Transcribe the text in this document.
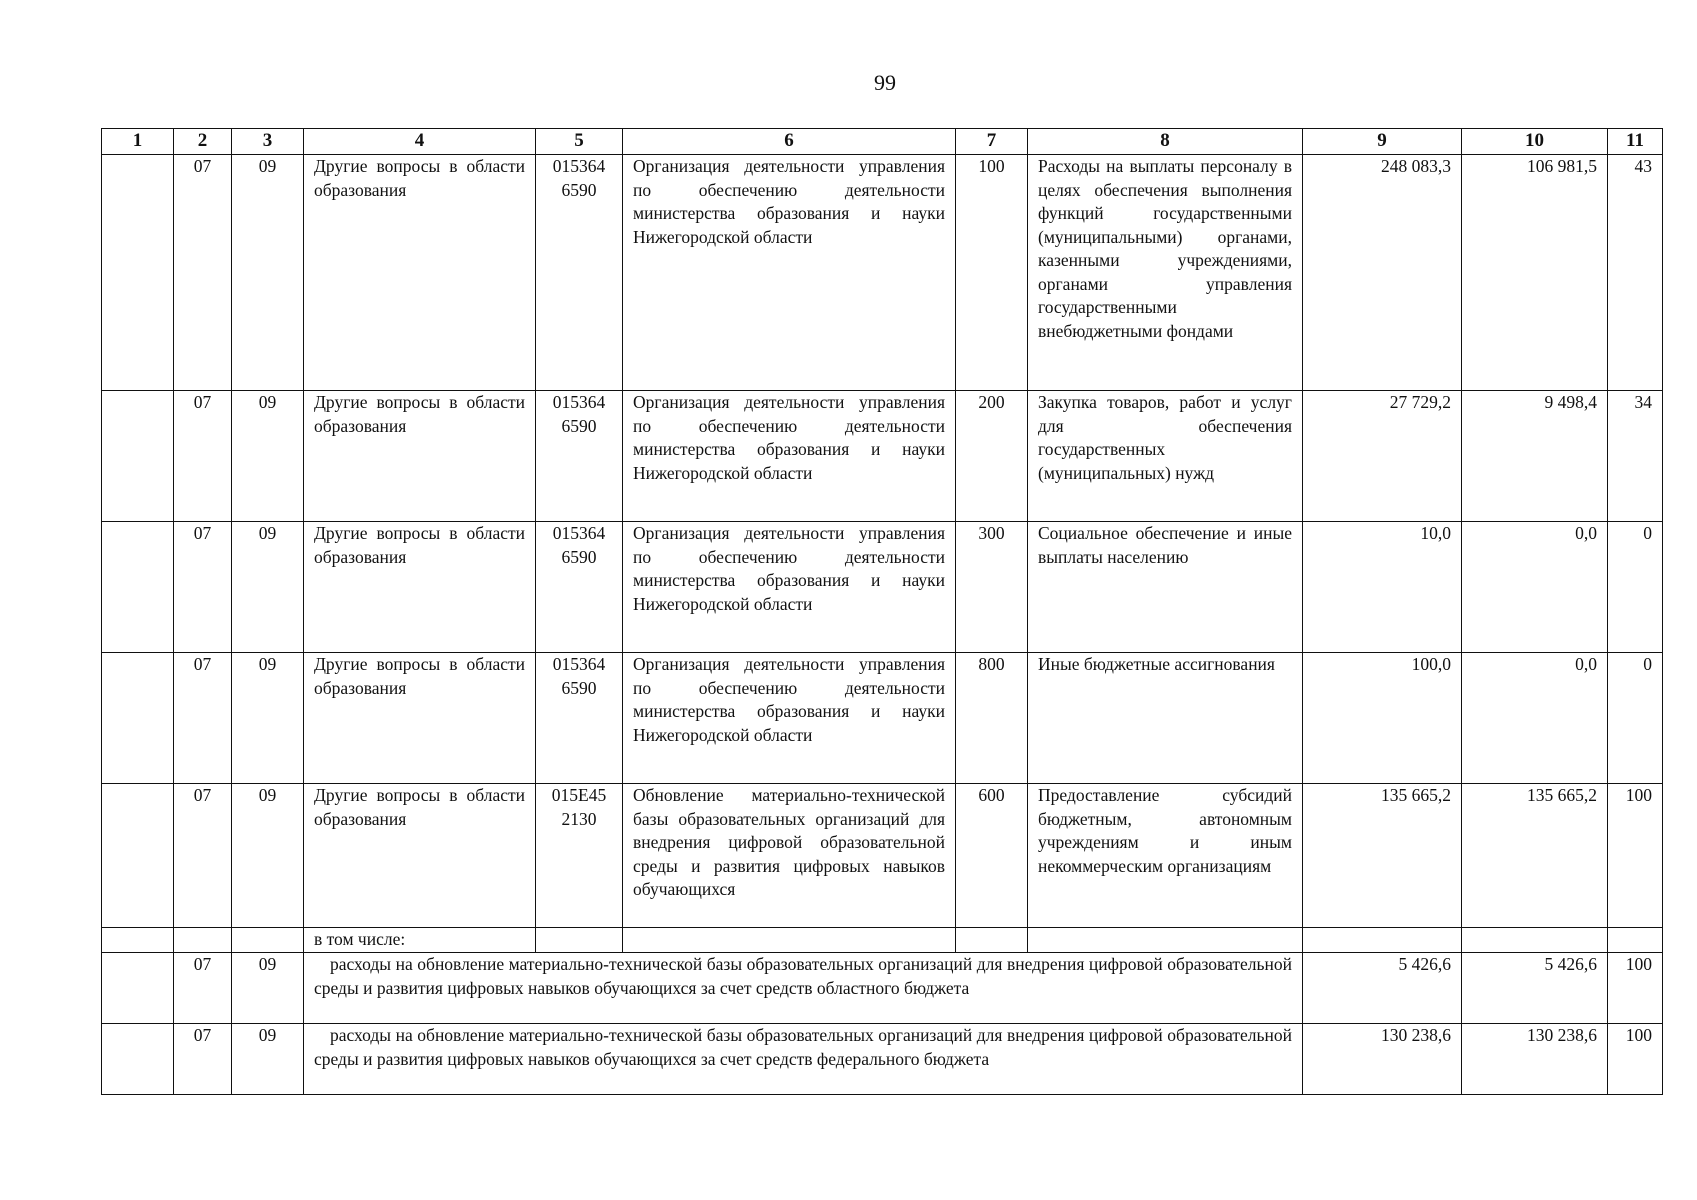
99
1	2	3	4	5	6	7	8	9	10	11
	07	09	Другие вопросы в области образования	015364 6590	Организация деятельности управления по обеспечению деятельности министерства образования и науки Нижегородской области	100	Расходы на выплаты персоналу в целях обеспечения выполнения функций государственными (муниципальными) органами, казенными учреждениями, органами управления государственными внебюджетными фондами	248 083,3	106 981,5	43
	07	09	Другие вопросы в области образования	015364 6590	Организация деятельности управления по обеспечению деятельности министерства образования и науки Нижегородской области	200	Закупка товаров, работ и услуг для обеспечения государственных (муниципальных) нужд	27 729,2	9 498,4	34
	07	09	Другие вопросы в области образования	015364 6590	Организация деятельности управления по обеспечению деятельности министерства образования и науки Нижегородской области	300	Социальное обеспечение и иные выплаты населению	10,0	0,0	0
	07	09	Другие вопросы в области образования	015364 6590	Организация деятельности управления по обеспечению деятельности министерства образования и науки Нижегородской области	800	Иные бюджетные ассигнования	100,0	0,0	0
	07	09	Другие вопросы в области образования	015E45 2130	Обновление материально-технической базы образовательных организаций для внедрения цифровой образовательной среды и развития цифровых навыков обучающихся	600	Предоставление субсидий бюджетным, автономным учреждениям и иным некоммерческим организациям	135 665,2	135 665,2	100
			в том числе:							
	07	09	расходы на обновление материально-технической базы образовательных организаций для внедрения цифровой образовательной среды и развития цифровых навыков обучающихся за счет средств областного бюджета					5 426,6	5 426,6	100
	07	09	расходы на обновление материально-технической базы образовательных организаций для внедрения цифровой образовательной среды и развития цифровых навыков обучающихся за счет средств федерального бюджета					130 238,6	130 238,6	100
